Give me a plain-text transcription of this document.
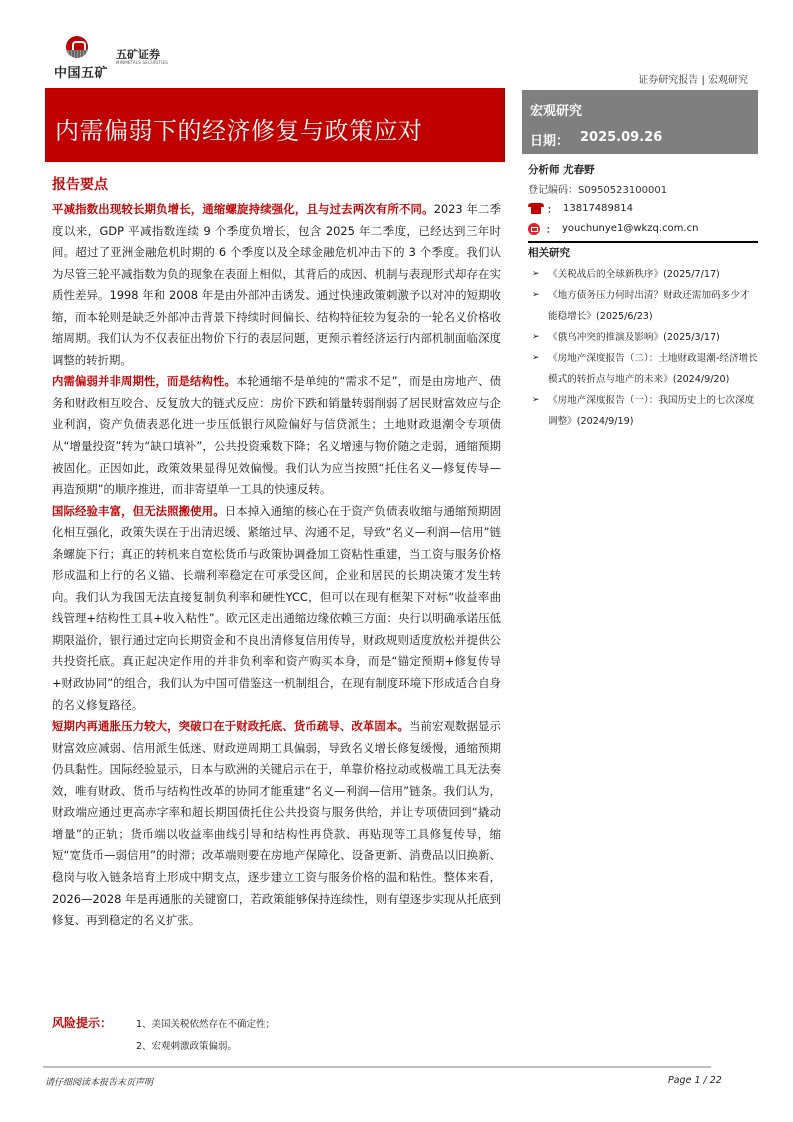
中国五矿
五矿证券
MINMETALS SECURITIES
证券研究报告 | 宏观研究
内需偏弱下的经济修复与政策应对
宏观研究
日期： 2025.09.26
分析师 尤春野
登记编码：S0950523100001
： 13817489814
： youchunye1@wkzq.com.cn
相关研究
➢ 《关税战后的全球新秩序》(2025/7/17)
➢ 《地方债务压力何时出清？财政还需加码多少才能稳增长》(2025/6/23)
➢ 《俄乌冲突的推演及影响》(2025/3/17)
➢ 《房地产深度报告（二）：土地财政退潮-经济增长模式的转折点与地产的未来》(2024/9/20)
➢ 《房地产深度报告（一）：我国历史上的七次深度调整》(2024/9/19)
报告要点

平减指数出现较长期负增长，通缩螺旋持续强化，且与过去两次有所不同。2023 年二季度以来，GDP 平减指数连续 9 个季度负增长，包含 2025 年二季度，已经达到三年时间。超过了亚洲金融危机时期的 6 个季度以及全球金融危机冲击下的 3 个季度。我们认为尽管三轮平减指数为负的现象在表面上相似，其背后的成因、机制与表现形式却存在实质性差异。1998 年和 2008 年是由外部冲击诱发、通过快速政策刺激予以对冲的短期收缩，而本轮则是缺乏外部冲击背景下持续时间偏长、结构特征较为复杂的一轮名义价格收缩周期。我们认为不仅表征出物价下行的表层问题，更预示着经济运行内部机制面临深度调整的转折期。

内需偏弱并非周期性，而是结构性。本轮通缩不是单纯的“需求不足”，而是由房地产、债务和财政相互咬合、反复放大的链式反应：房价下跌和销量转弱削弱了居民财富效应与企业利润，资产负债表恶化进一步压低银行风险偏好与信贷派生；土地财政退潮令专项债从“增量投资”转为“缺口填补”，公共投资乘数下降；名义增速与物价随之走弱，通缩预期被固化。正因如此，政策效果显得见效偏慢。我们认为应当按照“托住名义—修复传导—再造预期”的顺序推进，而非寄望单一工具的快速反转。

国际经验丰富，但无法照搬使用。日本掉入通缩的核心在于资产负债表收缩与通缩预期固化相互强化，政策失误在于出清迟缓、紧缩过早、沟通不足，导致“名义—利润—信用”链条螺旋下行；真正的转机来自宽松货币与政策协调叠加工资粘性重建，当工资与服务价格形成温和上行的名义锚、长端利率稳定在可承受区间，企业和居民的长期决策才发生转向。我们认为我国无法直接复制负利率和硬性YCC，但可以在现有框架下对标“收益率曲线管理+结构性工具+收入粘性”。欧元区走出通缩边缘依赖三方面：央行以明确承诺压低期限溢价，银行通过定向长期资金和不良出清修复信用传导，财政规则适度放松并提供公共投资托底。真正起决定作用的并非负利率和资产购买本身，而是“锚定预期+修复传导+财政协同”的组合，我们认为中国可借鉴这一机制组合，在现有制度环境下形成适合自身的名义修复路径。

短期内再通胀压力较大，突破口在于财政托底、货币疏导、改革固本。当前宏观数据显示财富效应减弱、信用派生低迷、财政逆周期工具偏弱，导致名义增长修复缓慢，通缩预期仍具黏性。国际经验显示，日本与欧洲的关键启示在于，单靠价格拉动或极端工具无法奏效，唯有财政、货币与结构性改革的协同才能重建“名义—利润—信用”链条。我们认为，财政端应通过更高赤字率和超长期国债托住公共投资与服务供给，并让专项债回到“撬动增量”的正轨；货币端以收益率曲线引导和结构性再贷款、再贴现等工具修复传导，缩短“宽货币—弱信用”的时滞；改革端则要在房地产保障化、设备更新、消费品以旧换新、稳岗与收入链条培育上形成中期支点，逐步建立工资与服务价格的温和粘性。整体来看，2026—2028 年是再通胀的关键窗口，若政策能够保持连续性，则有望逐步实现从托底到修复、再到稳定的名义扩张。

风险提示：	1、美国关税依然存在不确定性；
2、宏观刺激政策偏弱。
请仔细阅读本报告末页声明	Page 1 / 22
